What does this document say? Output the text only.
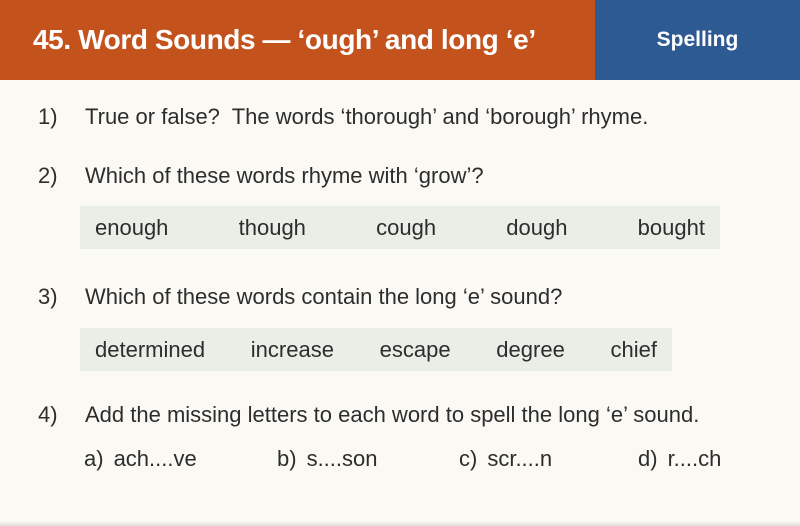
45. Word Sounds — ‘ough’ and long ‘e’	Spelling
1)	True or false?  The words ‘thorough’ and ‘borough’ rhyme.
2)	Which of these words rhyme with ‘grow’?
enough	though	cough	dough	bought
3)	Which of these words contain the long ‘e’ sound?
determined increase escape degree chief
4)	Add the missing letters to each word to spell the long ‘e’ sound.
a) ach....ve	b) s....son	c) scr....n	d) r....ch
